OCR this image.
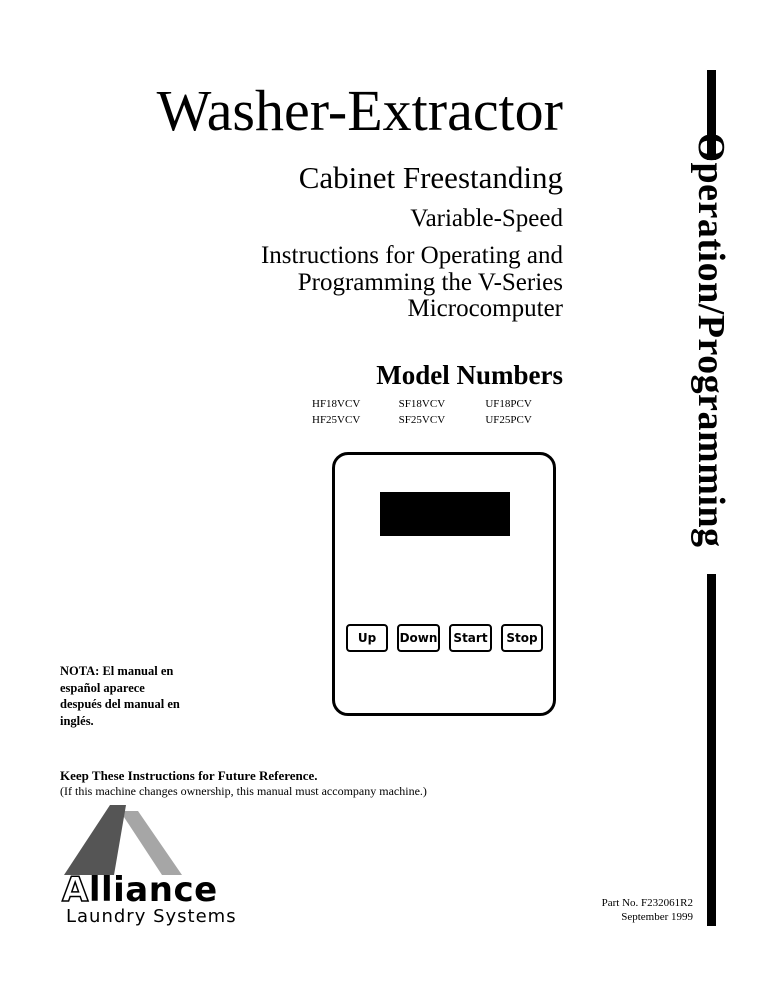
Operation/Programming
Washer-Extractor
Cabinet Freestanding
Variable-Speed
Instructions for Operating and
Programming the V-Series
Microcomputer
Model Numbers
HF18VCV	SF18VCV	UF18PCV
HF25VCV	SF25VCV	UF25PCV
Up	Down	Start	Stop
NOTA: El manual en
español aparece
después del manual en
inglés.
Keep These Instructions for Future Reference.
(If this machine changes ownership, this manual must accompany machine.)
Alliance
Laundry Systems
Part No. F232061R2
September 1999
